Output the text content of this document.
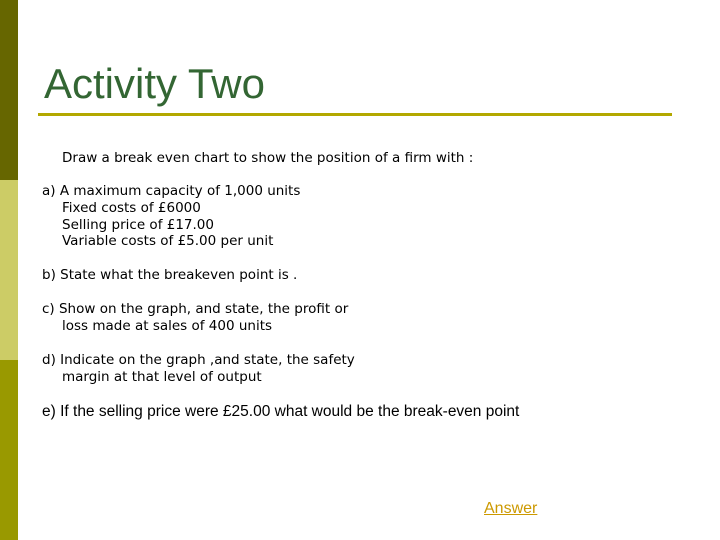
Activity Two
Draw a break even chart to show the position of a firm with :
a) A maximum capacity of 1,000 units
Fixed costs of £6000
Selling price of £17.00
Variable costs of £5.00 per unit
b) State what the breakeven point is .
c) Show on the graph, and state, the profit or
loss made at sales of 400 units
d) Indicate on the graph ,and state, the safety
margin at that level of output
e) If the selling price were £25.00 what would be the break-even point
Answer
